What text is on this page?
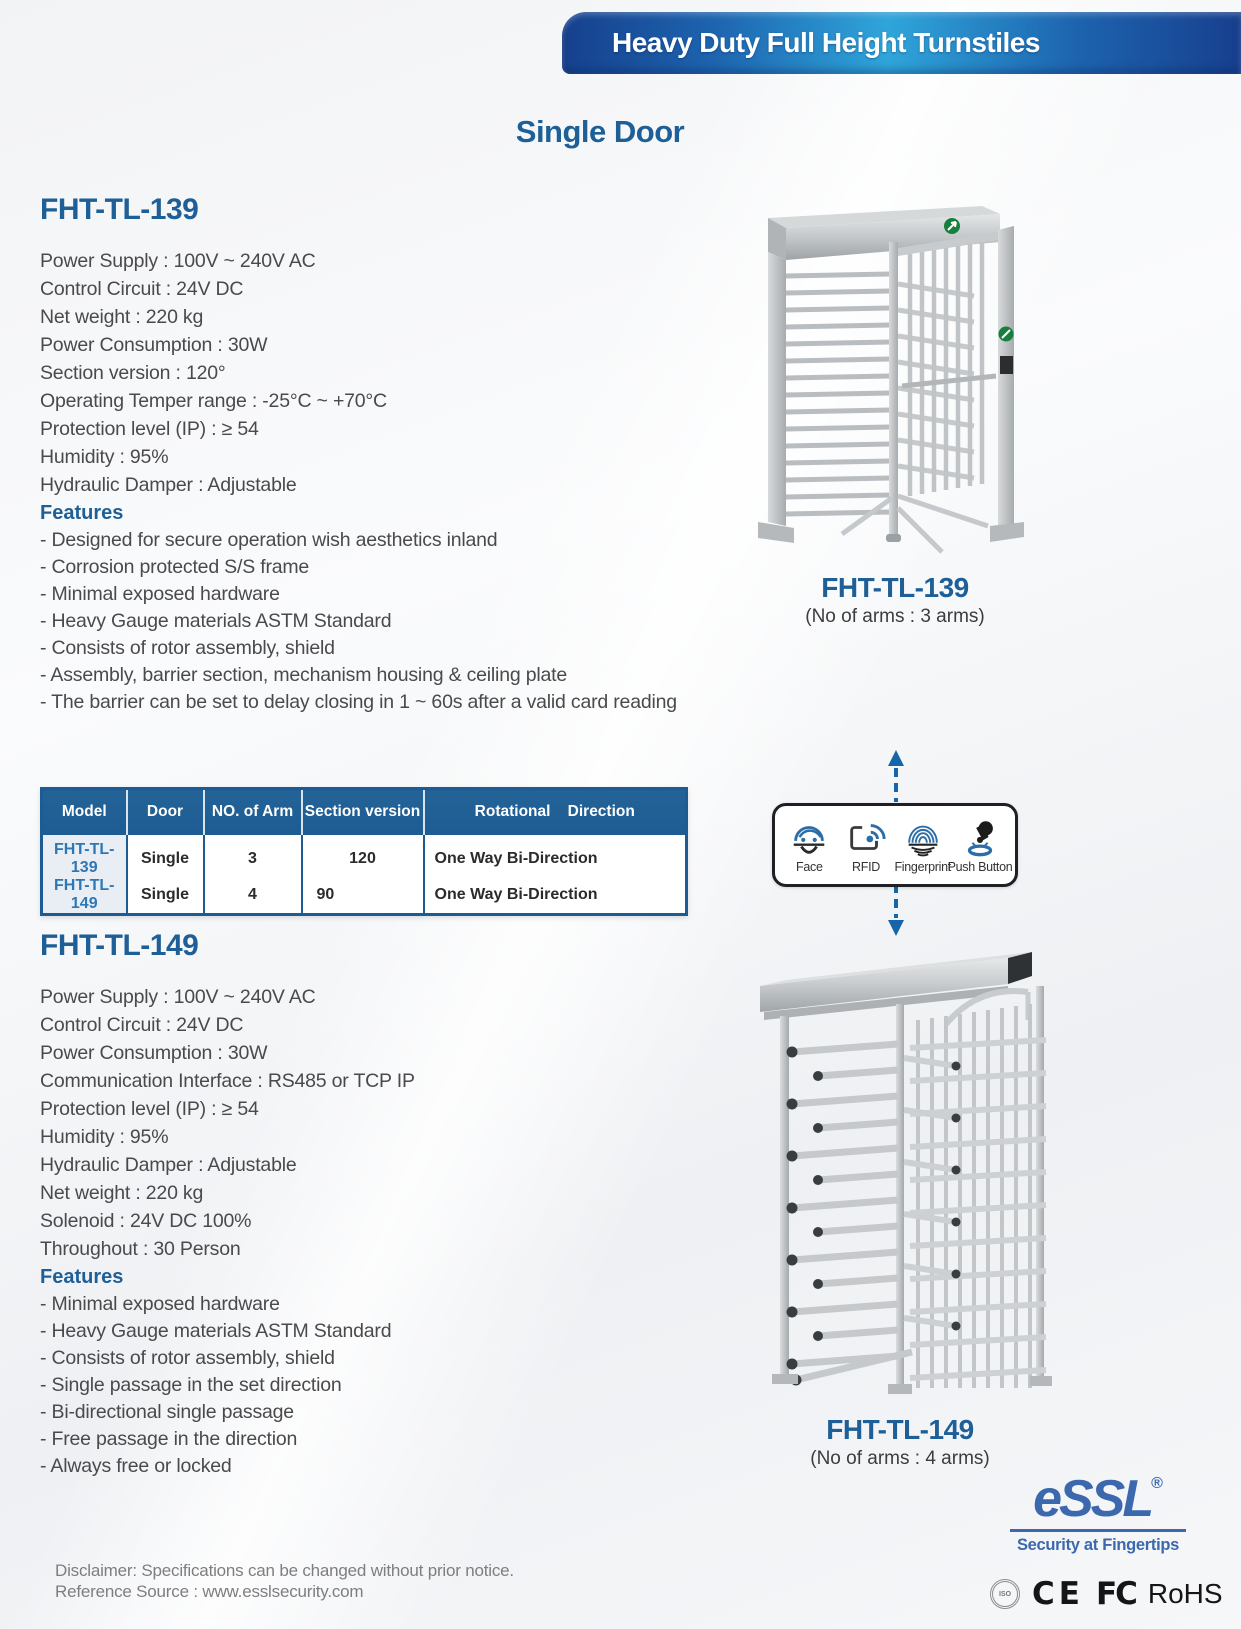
Heavy Duty Full Height Turnstiles
Single Door
FHT-TL-139
Power Supply : 100V ~ 240V AC
Control Circuit : 24V DC
Net weight : 220 kg
Power Consumption : 30W
Section version : 120°
Operating Temper range : -25°C ~ +70°C
Protection level (IP) : ≥ 54
Humidity : 95%
Hydraulic Damper : Adjustable
Features
- Designed for secure operation wish aesthetics inland
- Corrosion protected S/S frame
- Minimal exposed hardware
- Heavy Gauge materials ASTM Standard
- Consists of rotor assembly, shield
- Assembly, barrier section, mechanism housing & ceiling plate
- The barrier can be set to delay closing in 1 ~ 60s after a valid card reading
FHT-TL-139
(No of arms : 3 arms)
Model	Door	NO. of Arm	Section version	Rotational    Direction
FHT-TL-139	Single	3	120	One Way Bi-Direction
FHT-TL-149	Single	4	90	One Way Bi-Direction
Face RFID Fingerprint
Push Button
FHT-TL-149
Power Supply : 100V ~ 240V AC
Control Circuit : 24V DC
Power Consumption : 30W
Communication Interface : RS485 or TCP IP
Protection level (IP) : ≥ 54
Humidity : 95%
Hydraulic Damper : Adjustable
Net weight : 220 kg
Solenoid : 24V DC 100%
Throughout : 30 Person
Features
- Minimal exposed hardware
- Heavy Gauge materials ASTM Standard
- Consists of rotor assembly, shield
- Single passage in the set direction
- Bi-directional single passage
- Free passage in the direction
- Always free or locked
FHT-TL-149
(No of arms : 4 arms)
eSSL®
Security at Fingertips
ISO CE FC RoHS
Disclaimer: Specifications can be changed without prior notice.
Reference Source : www.esslsecurity.com
